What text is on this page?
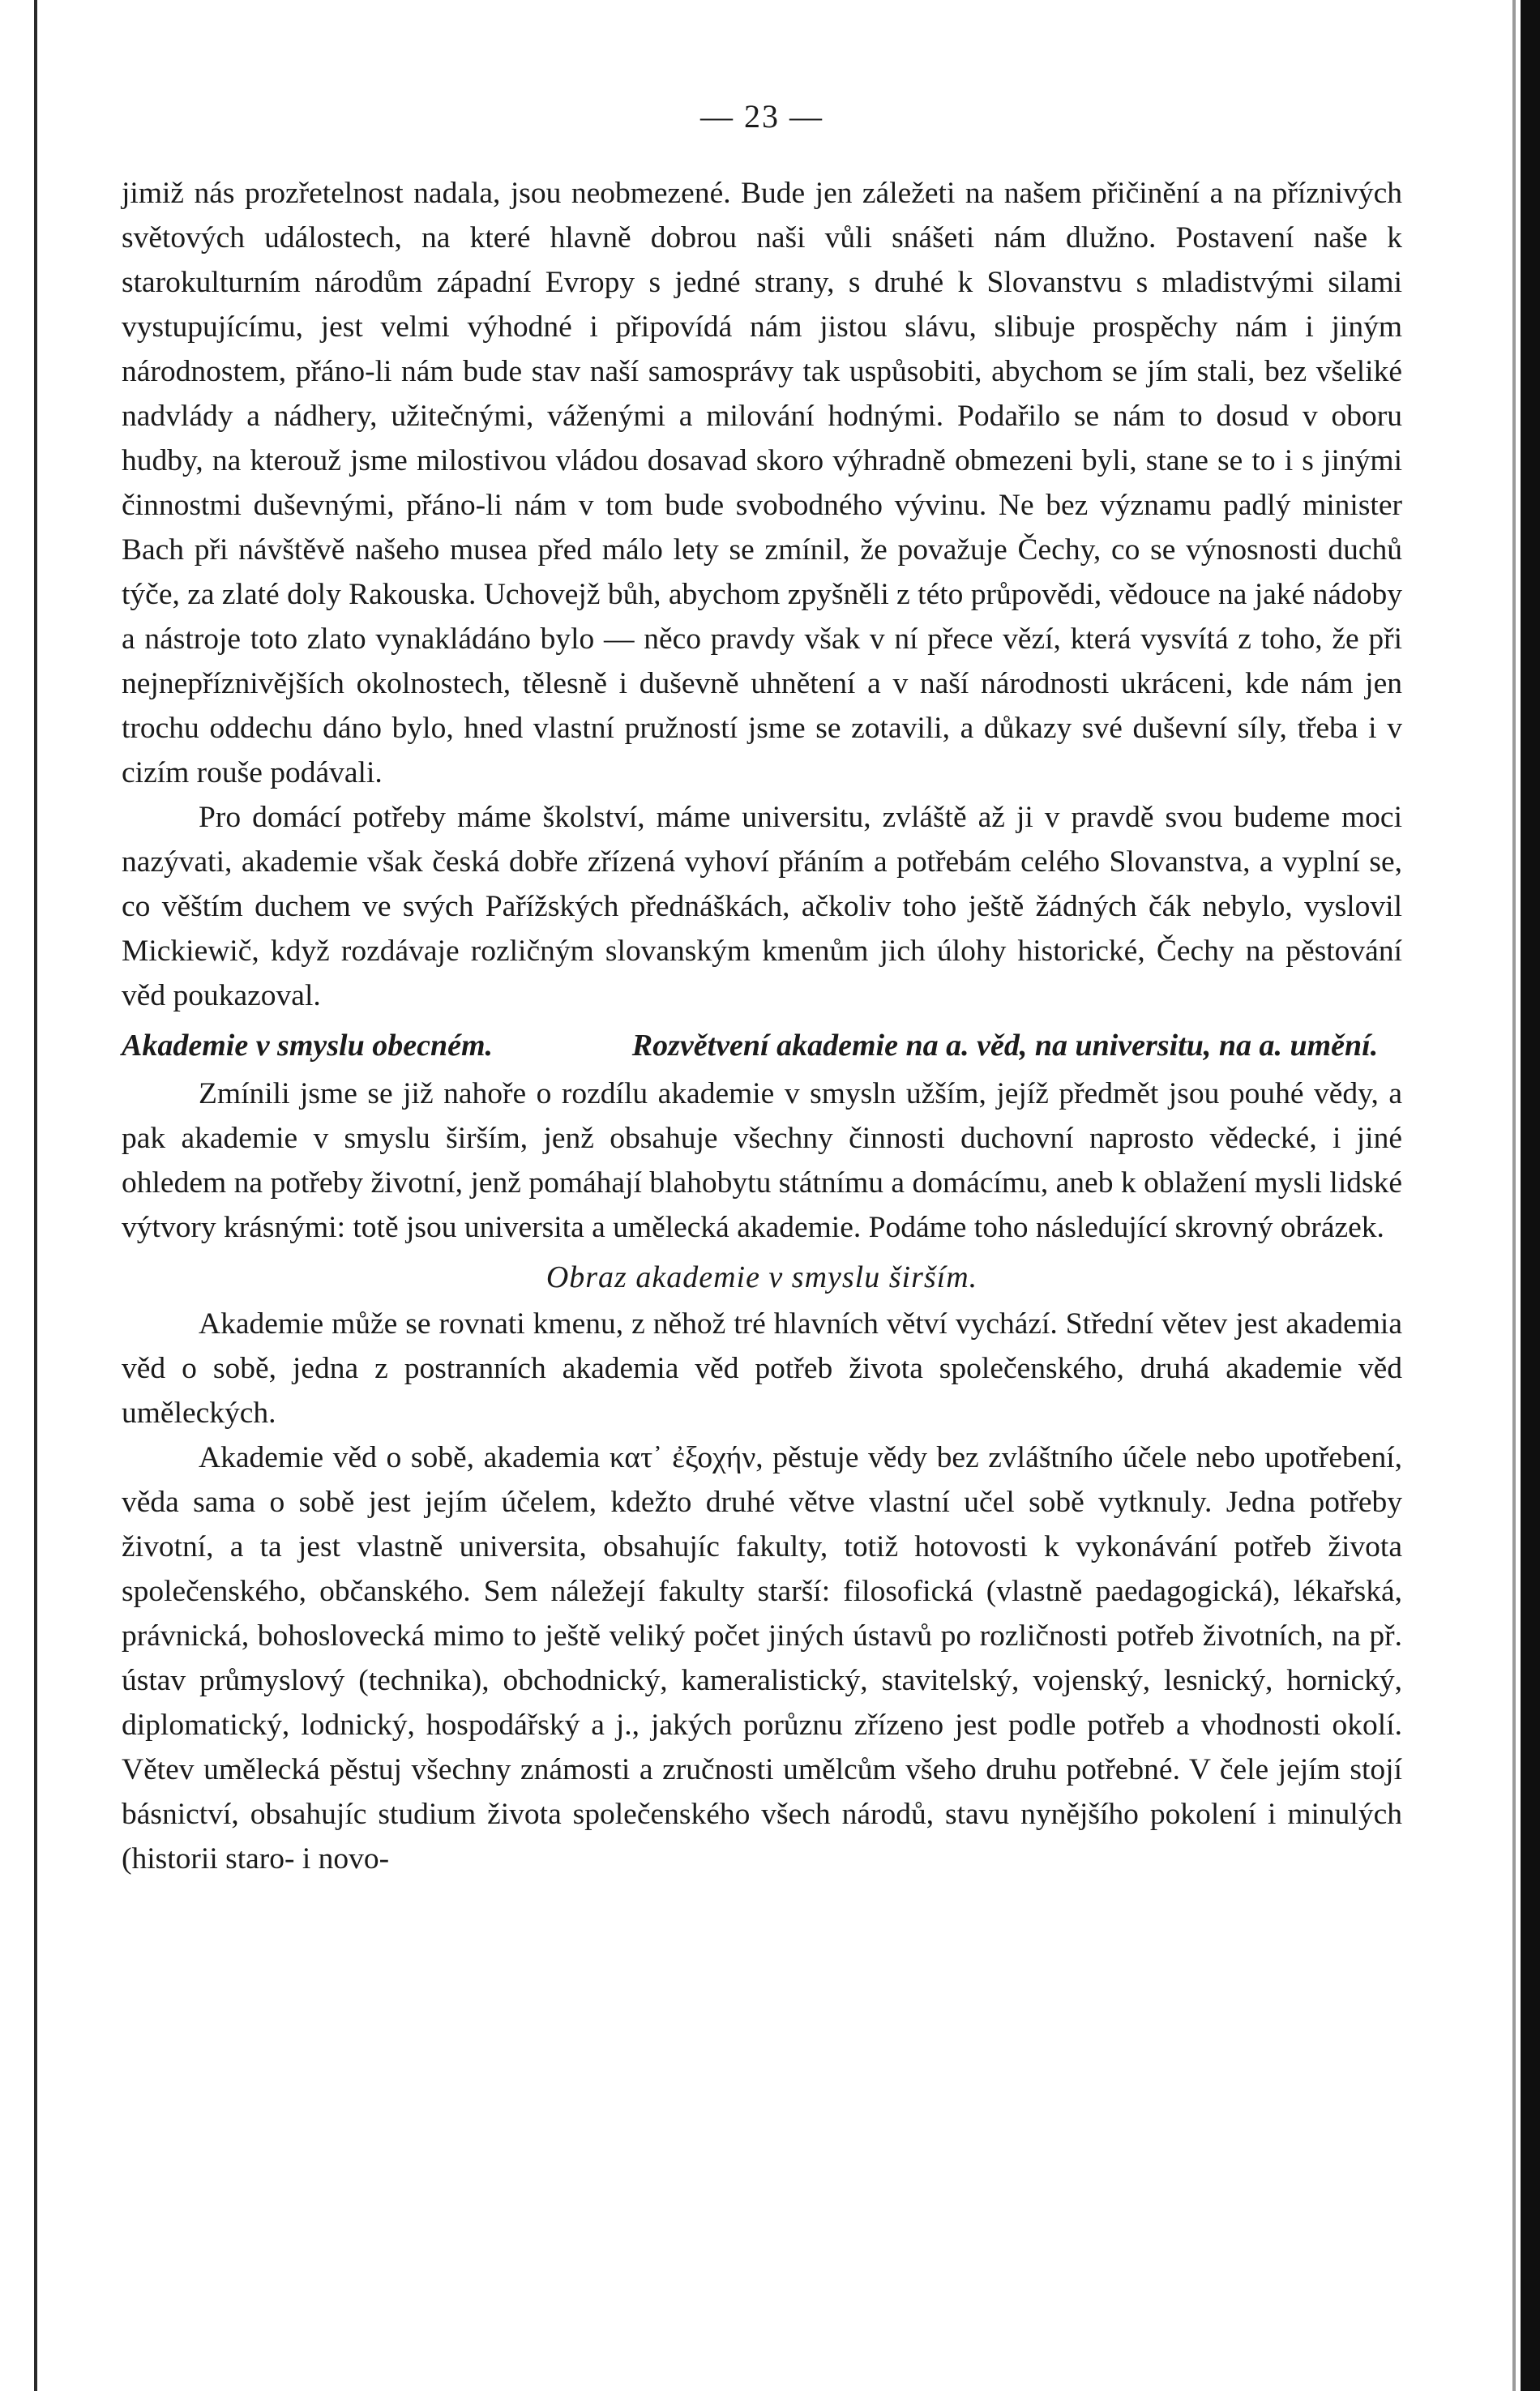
— 23 —

jimiž nás prozřetelnost nadala, jsou neobmezené. Bude jen záležeti na našem přičinění a na příznivých světových událostech, na které hlavně dobrou naši vůli snášeti nám dlužno. Postavení naše k starokulturním národům západní Evropy s jedné strany, s druhé k Slovanstvu s mladistvými silami vystupujícímu, jest velmi výhodné i připovídá nám jistou slávu, slibuje prospěchy nám i jiným národnostem, přáno-li nám bude stav naší samosprávy tak uspůsobiti, abychom se jím stali, bez všeliké nadvlády a nádhery, užitečnými, váženými a milování hodnými. Podařilo se nám to dosud v oboru hudby, na kterouž jsme milostivou vládou dosavad skoro výhradně obmezeni byli, stane se to i s jinými činnostmi duševnými, přáno-li nám v tom bude svobodného vývinu. Ne bez významu padlý minister Bach při návštěvě našeho musea před málo lety se zmínil, že považuje Čechy, co se výnosnosti duchů týče, za zlaté doly Rakouska. Uchovejž bůh, abychom zpyšněli z této průpovědi, vědouce na jaké nádoby a nástroje toto zlato vynakládáno bylo — něco pravdy však v ní přece vězí, která vysvítá z toho, že při nejnepříznivějších okolnostech, tělesně i duševně uhnětení a v naší národnosti ukráceni, kde nám jen trochu oddechu dáno bylo, hned vlastní pružností jsme se zotavili, a důkazy své duševní síly, třeba i v cizím rouše podávali.

Pro domácí potřeby máme školství, máme universitu, zvláště až ji v pravdě svou budeme moci nazývati, akademie však česká dobře zřízená vyhoví přáním a potřebám celého Slovanstva, a vyplní se, co věštím duchem ve svých Pařížských přednáškách, ačkoliv toho ještě žádných čák nebylo, vyslovil Mickiewič, když rozdávaje rozličným slovanským kmenům jich úlohy historické, Čechy na pěstování věd poukazoval.

Akademie v smyslu obecném.	Rozvětvení akademie na a. věd, na universitu, na a. umění.

Zmínili jsme se již nahoře o rozdílu akademie v smysln užším, jejíž předmět jsou pouhé vědy, a pak akademie v smyslu širším, jenž obsahuje všechny činnosti duchovní naprosto vědecké, i jiné ohledem na potřeby životní, jenž pomáhají blahobytu státnímu a domácímu, aneb k oblažení mysli lidské výtvory krásnými: totě jsou universita a umělecká akademie. Podáme toho následující skrovný obrázek.

Obraz akademie v smyslu širším.

Akademie může se rovnati kmenu, z něhož tré hlavních větví vychází. Střední větev jest akademia věd o sobě, jedna z postranních akademia věd potřeb života společenského, druhá akademie věd uměleckých.

Akademie věd o sobě, akademia κατ᾽ ἐξοχήν, pěstuje vědy bez zvláštního účele nebo upotřebení, věda sama o sobě jest jejím účelem, kdežto druhé větve vlastní učel sobě vytknuly. Jedna potřeby životní, a ta jest vlastně universita, obsahujíc fakulty, totiž hotovosti k vykonávání potřeb života společenského, občanského. Sem náležejí fakulty starší: filosofická (vlastně paedagogická), lékařská, právnická, bohoslovecká mimo to ještě veliký počet jiných ústavů po rozličnosti potřeb životních, na př. ústav průmyslový (technika), obchodnický, kameralistický, stavitelský, vojenský, lesnický, hornický, diplomatický, lodnický, hospodářský a j., jakých porůznu zřízeno jest podle potřeb a vhodnosti okolí. Větev umělecká pěstuj všechny známosti a zručnosti umělcům všeho druhu potřebné. V čele jejím stojí básnictví, obsahujíc studium života společenského všech národů, stavu nynějšího pokolení i minulých (historii staro- i novo-
